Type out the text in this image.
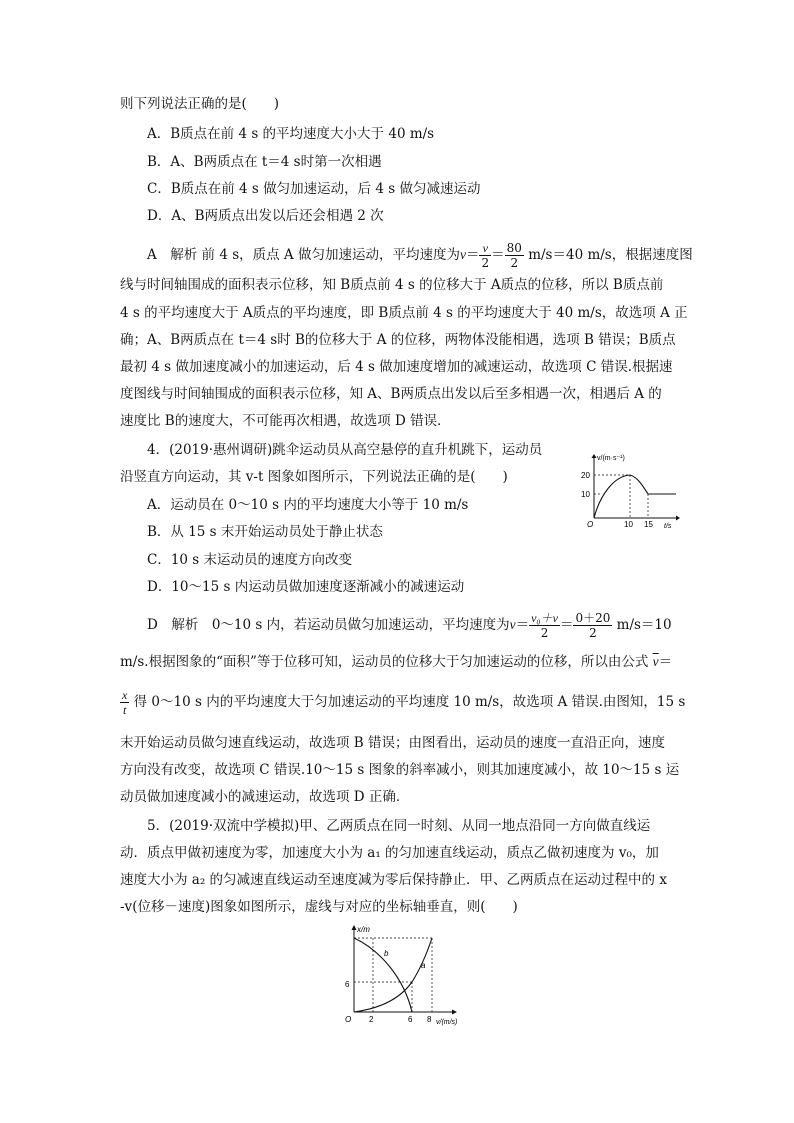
则下列说法正确的是(　　)
A．B质点在前 4 s 的平均速度大小大于 40 m/s
B．A、B两质点在 t＝4 s时第一次相遇
C．B质点在前 4 s 做匀加速运动，后 4 s 做匀减速运动
D．A、B两质点出发以后还会相遇 2 次
A　解析 前 4 s，质点 A 做匀加速运动，平均速度为$v= \frac{v}{2} = \frac{80}{2} m/s=40$ m/s，根据速度图
线与时间轴围成的面积表示位移，知 B质点前 4 s 的位移大于 A质点的位移，所以 B质点前
4 s 的平均速度大于 A质点的平均速度，即 B质点前 4 s 的平均速度大于 40 m/s，故选项 A 正
确；A、B两质点在 t＝4 s时 B的位移大于 A 的位移，两物体没能相遇，选项 B 错误；B质点
最初 4 s 做加速度减小的加速运动，后 4 s 做加速度增加的减速运动，故选项 C 错误.根据速
度图线与时间轴围成的面积表示位移，知 A、B两质点出发以后至多相遇一次，相遇后 A 的
速度比 B的速度大，不可能再次相遇，故选项 D 错误．
4．(2019·惠州调研)跳伞运动员从高空悬停的直升机跳下，运动员
沿竖直方向运动，其 v-t 图象如图所示，下列说法正确的是(　　)
A．运动员在 0～10 s 内的平均速度大小等于 10 m/s
B．从 15 s 末开始运动员处于静止状态
C．10 s 末运动员的速度方向改变
D．10～15 s 内运动员做加速度逐渐减小的减速运动
v/(m·s⁻¹)
t/s
O
20
10
10 15
D　解析　0～10 s 内，若运动员做匀加速运动，平均速度为$v= \frac{\text{v₀＋v}}{2} = \frac{0+20}{2} m/s=10$
m/s.根据图象的“面积”等于位移可知，运动员的位移大于匀加速运动的位移，所以由公式 $\overline{v}=$
$\frac{x}{t}$ 得 0～10 s 内的平均速度大于匀加速运动的平均速度 10 m/s，故选项 A 错误.由图知，15 s
末开始运动员做匀速直线运动，故选项 B 错误；由图看出，运动员的速度一直沿正向，速度
方向没有改变，故选项 C 错误.10～15 s 图象的斜率减小，则其加速度减小，故 10～15 s 运
动员做加速度减小的减速运动，故选项 D 正确．
5．(2019·双流中学模拟)甲、乙两质点在同一时刻、从同一地点沿同一方向做直线运
动．质点甲做初速度为零，加速度大小为 a₁ 的匀加速直线运动，质点乙做初速度为 v₀，加
速度大小为 a₂ 的匀减速直线运动至速度减为零后保持静止．甲、乙两质点在运动过程中的 x
-v(位移－速度)图象如图所示，虚线与对应的坐标轴垂直，则(　　)
x/m
v/(m/s)
O
6
2	6 8
a
b
